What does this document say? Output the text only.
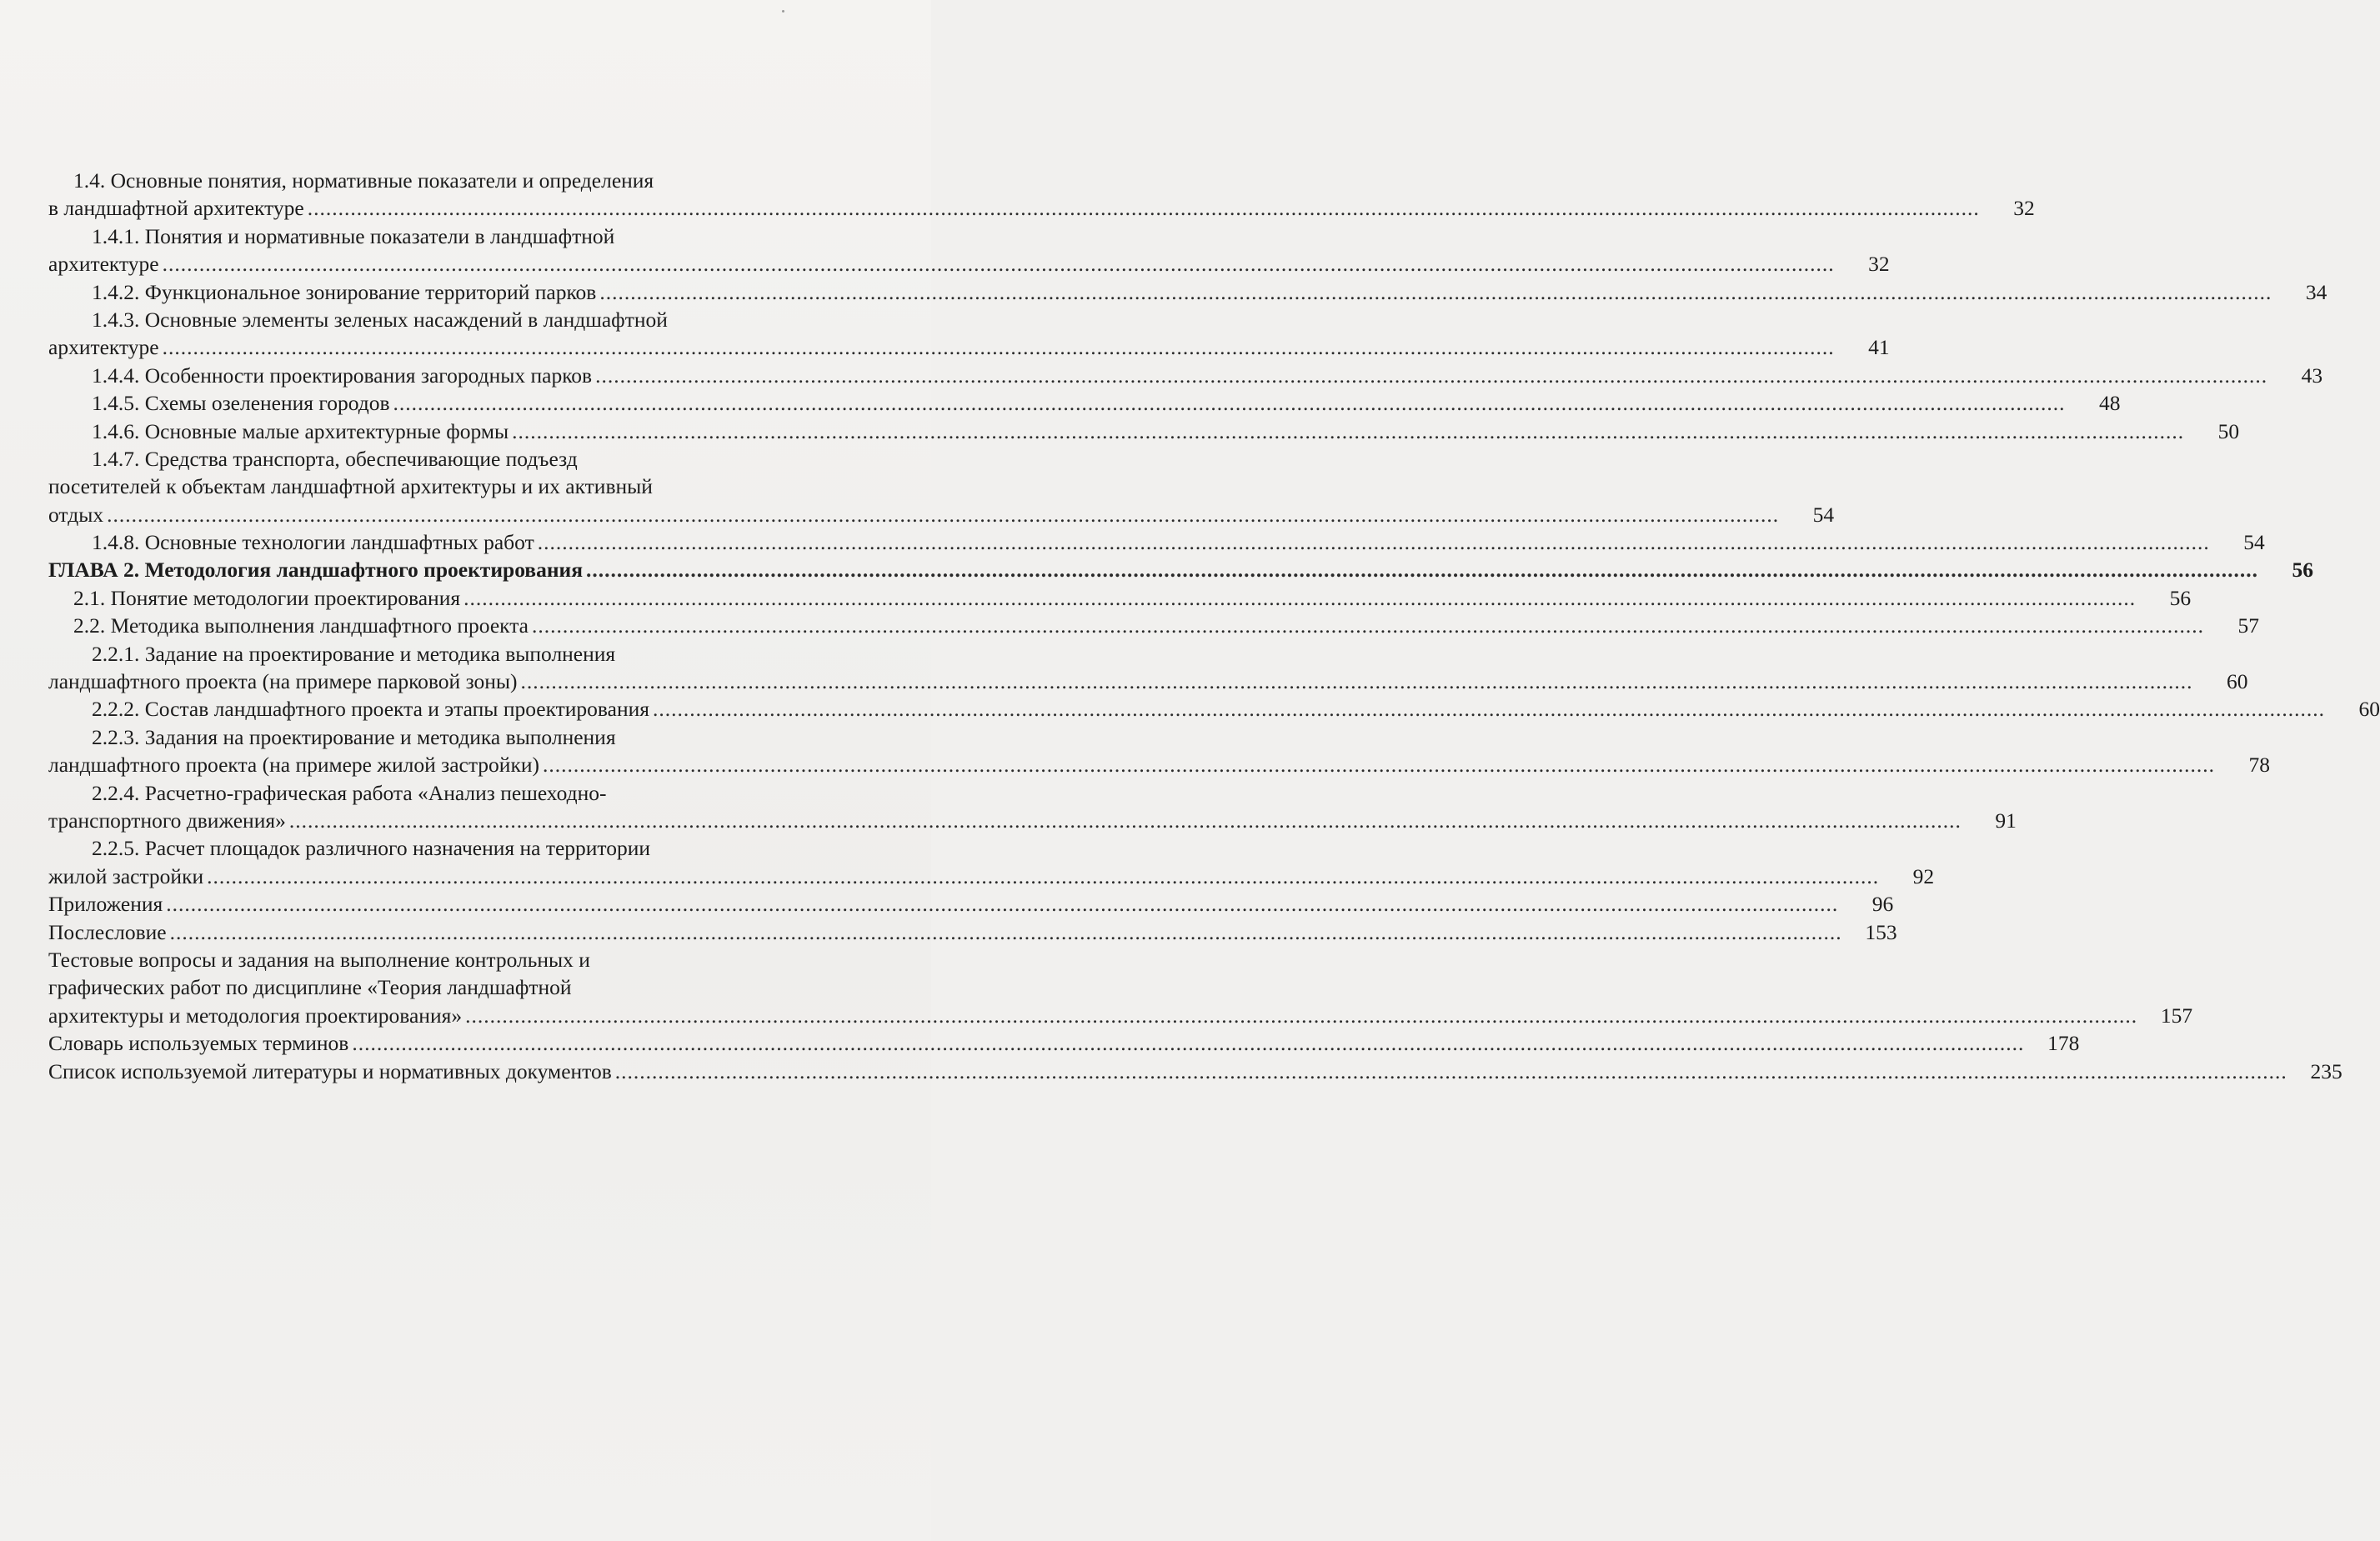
1.4. Основные понятия, нормативные показатели и определения
в ландшафтной архитектуре .....	32
1.4.1. Понятия и нормативные показатели в ландшафтной
архитектуре .....	32
1.4.2. Функциональное зонирование территорий парков .....	34
1.4.3. Основные элементы зеленых насаждений в ландшафтной
архитектуре .....	41
1.4.4. Особенности проектирования загородных парков .....	43
1.4.5. Схемы озеленения городов .....	48
1.4.6. Основные малые архитектурные формы .....	50
1.4.7. Средства транспорта, обеспечивающие подъезд
посетителей к объектам ландшафтной архитектуры и их активный
отдых .....	54
1.4.8. Основные технологии ландшафтных работ .....	54
ГЛАВА 2. Методология ландшафтного проектирования .....	56
2.1. Понятие методологии проектирования .....	56
2.2. Методика выполнения ландшафтного проекта .....	57
2.2.1. Задание на проектирование и методика выполнения
ландшафтного проекта (на примере парковой зоны) .....	60
2.2.2. Состав ландшафтного проекта и этапы проектирования .....	60
2.2.3. Задания на проектирование и методика выполнения
ландшафтного проекта (на примере жилой застройки) .....	78
2.2.4. Расчетно-графическая работа «Анализ пешеходно-
транспортного движения» .....	91
2.2.5. Расчет площадок различного назначения на территории
жилой застройки .....	92
Приложения .....	96
Послесловие .....	153
Тестовые вопросы и задания на выполнение контрольных и
графических работ по дисциплине «Теория ландшафтной
архитектуры и методология проектирования» .....	157
Словарь используемых терминов .....	178
Список используемой литературы и нормативных документов .....	235
